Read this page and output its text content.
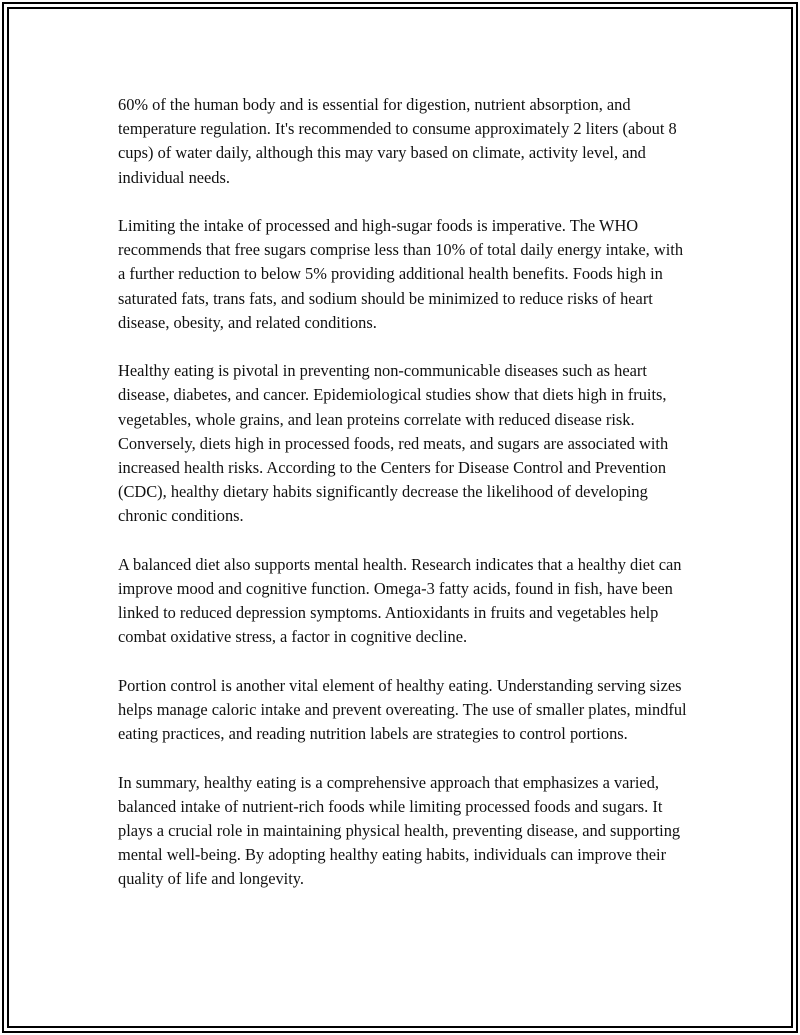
60% of the human body and is essential for digestion, nutrient absorption, and temperature regulation. It's recommended to consume approximately 2 liters (about 8 cups) of water daily, although this may vary based on climate, activity level, and individual needs.

Limiting the intake of processed and high-sugar foods is imperative. The WHO recommends that free sugars comprise less than 10% of total daily energy intake, with a further reduction to below 5% providing additional health benefits. Foods high in saturated fats, trans fats, and sodium should be minimized to reduce risks of heart disease, obesity, and related conditions.

Healthy eating is pivotal in preventing non-communicable diseases such as heart disease, diabetes, and cancer. Epidemiological studies show that diets high in fruits, vegetables, whole grains, and lean proteins correlate with reduced disease risk. Conversely, diets high in processed foods, red meats, and sugars are associated with increased health risks. According to the Centers for Disease Control and Prevention (CDC), healthy dietary habits significantly decrease the likelihood of developing chronic conditions.

A balanced diet also supports mental health. Research indicates that a healthy diet can improve mood and cognitive function. Omega-3 fatty acids, found in fish, have been linked to reduced depression symptoms. Antioxidants in fruits and vegetables help combat oxidative stress, a factor in cognitive decline.

Portion control is another vital element of healthy eating. Understanding serving sizes helps manage caloric intake and prevent overeating. The use of smaller plates, mindful eating practices, and reading nutrition labels are strategies to control portions.

In summary, healthy eating is a comprehensive approach that emphasizes a varied, balanced intake of nutrient-rich foods while limiting processed foods and sugars. It plays a crucial role in maintaining physical health, preventing disease, and supporting mental well-being. By adopting healthy eating habits, individuals can improve their quality of life and longevity.
